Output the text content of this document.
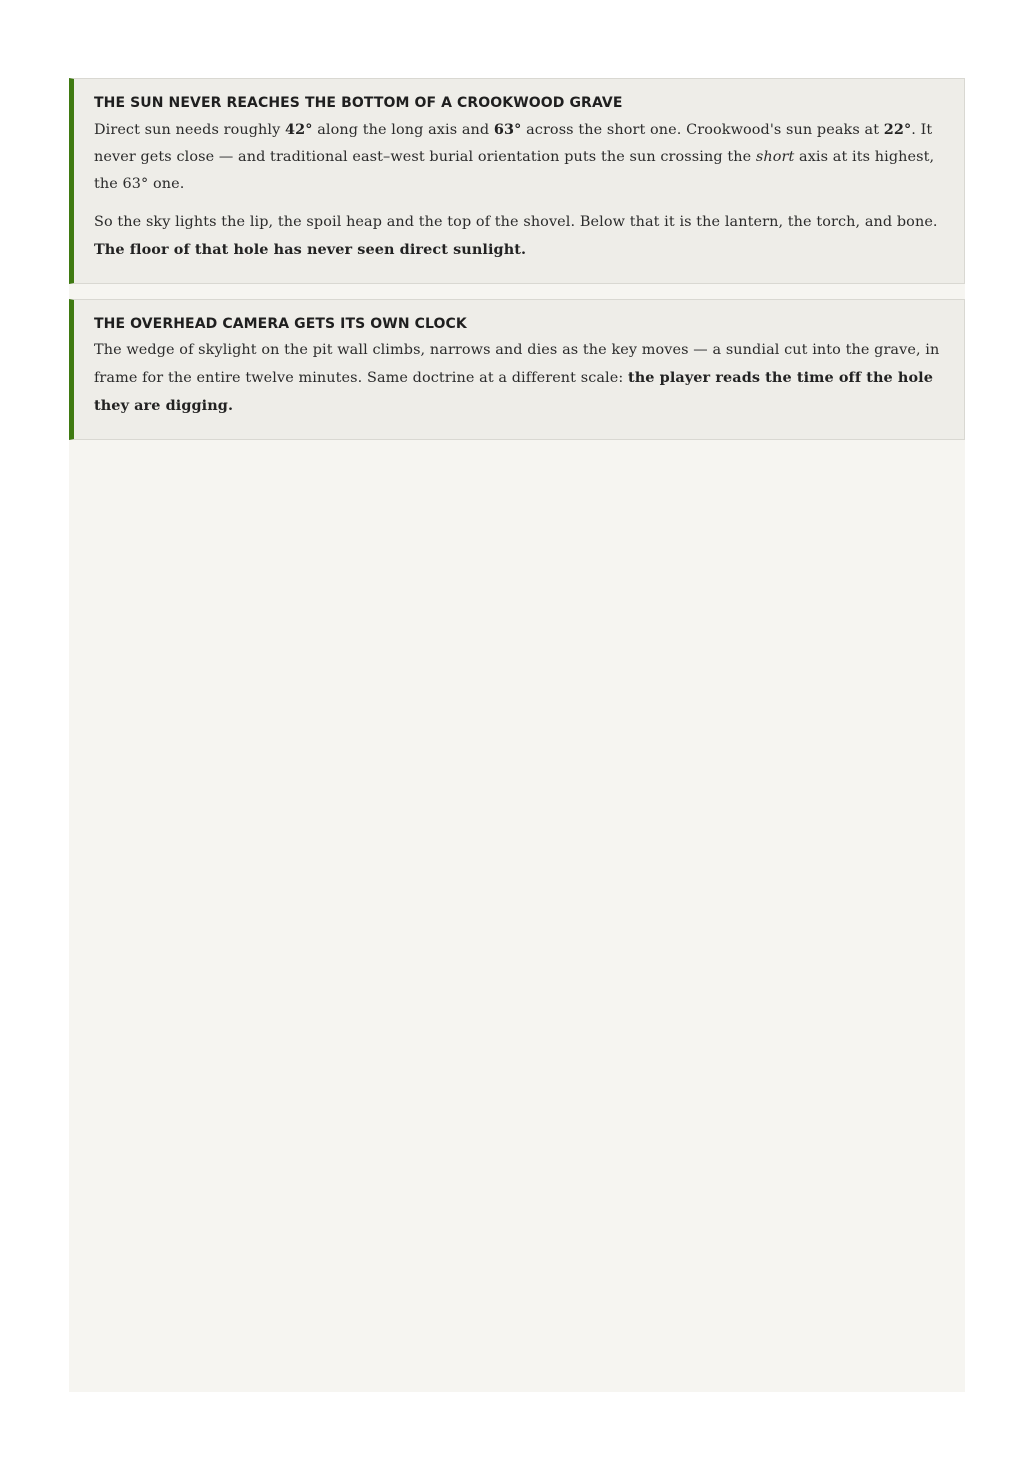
THE SUN NEVER REACHES THE BOTTOM OF A CROOKWOOD GRAVE

Direct sun needs roughly 42° along the long axis and 63° across the short one. Crookwood's sun peaks at 22°. It never gets close — and traditional east–west burial orientation puts the sun crossing the short axis at its highest, the 63° one.

So the sky lights the lip, the spoil heap and the top of the shovel. Below that it is the lantern, the torch, and bone. The floor of that hole has never seen direct sunlight.

THE OVERHEAD CAMERA GETS ITS OWN CLOCK

The wedge of skylight on the pit wall climbs, narrows and dies as the key moves — a sundial cut into the grave, in frame for the entire twelve minutes. Same doctrine at a different scale: the player reads the time off the hole they are digging.
